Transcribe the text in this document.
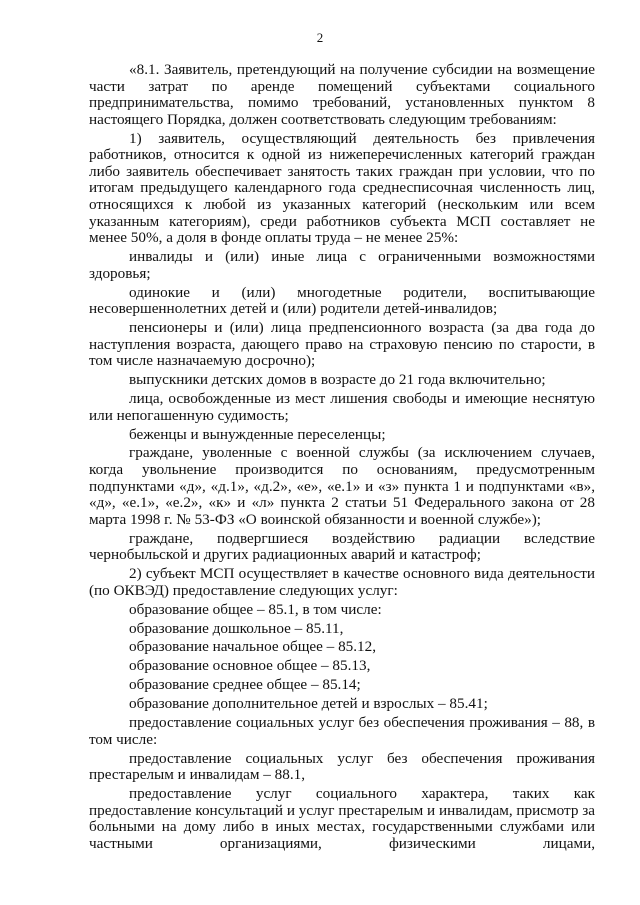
2

«8.1. Заявитель, претендующий на получение субсидии на возмещение части затрат по аренде помещений субъектами социального предпринимательства, помимо требований, установленных пунктом 8 настоящего Порядка, должен соответствовать следующим требованиям:

1) заявитель, осуществляющий деятельность без привлечения работников, относится к одной из нижеперечисленных категорий граждан либо заявитель обеспечивает занятость таких граждан при условии, что по итогам предыдущего календарного года среднесписочная численность лиц, относящихся к любой из указанных категорий (нескольким или всем указанным категориям), среди работников субъекта МСП составляет не менее 50%, а доля в фонде оплаты труда – не менее 25%:

инвалиды и (или) иные лица с ограниченными возможностями здоровья;

одинокие и (или) многодетные родители, воспитывающие несовершеннолетних детей и (или) родители детей-инвалидов;

пенсионеры и (или) лица предпенсионного возраста (за два года до наступления возраста, дающего право на страховую пенсию по старости, в том числе назначаемую досрочно);

выпускники детских домов в возрасте до 21 года включительно;

лица, освобожденные из мест лишения свободы и имеющие неснятую или непогашенную судимость;

беженцы и вынужденные переселенцы;

граждане, уволенные с военной службы (за исключением случаев, когда увольнение производится по основаниям, предусмотренным подпунктами «д», «д.1», «д.2», «е», «е.1» и «з» пункта 1 и подпунктами «в», «д», «е.1», «е.2», «к» и «л» пункта 2 статьи 51 Федерального закона от 28 марта 1998 г. № 53-ФЗ «О воинской обязанности и военной службе»);

граждане, подвергшиеся воздействию радиации вследствие чернобыльской и других радиационных аварий и катастроф;

2) субъект МСП осуществляет в качестве основного вида деятельности (по ОКВЭД) предоставление следующих услуг:

образование общее – 85.1, в том числе:

образование дошкольное – 85.11,

образование начальное общее – 85.12,

образование основное общее – 85.13,

образование среднее общее – 85.14;

образование дополнительное детей и взрослых – 85.41;

предоставление социальных услуг без обеспечения проживания – 88, в том числе:

предоставление социальных услуг без обеспечения проживания престарелым и инвалидам – 88.1,

предоставление услуг социального характера, таких как предоставление консультаций и услуг престарелым и инвалидам, присмотр за больными на дому либо в иных местах, государственными службами или частными организациями, физическими лицами,
